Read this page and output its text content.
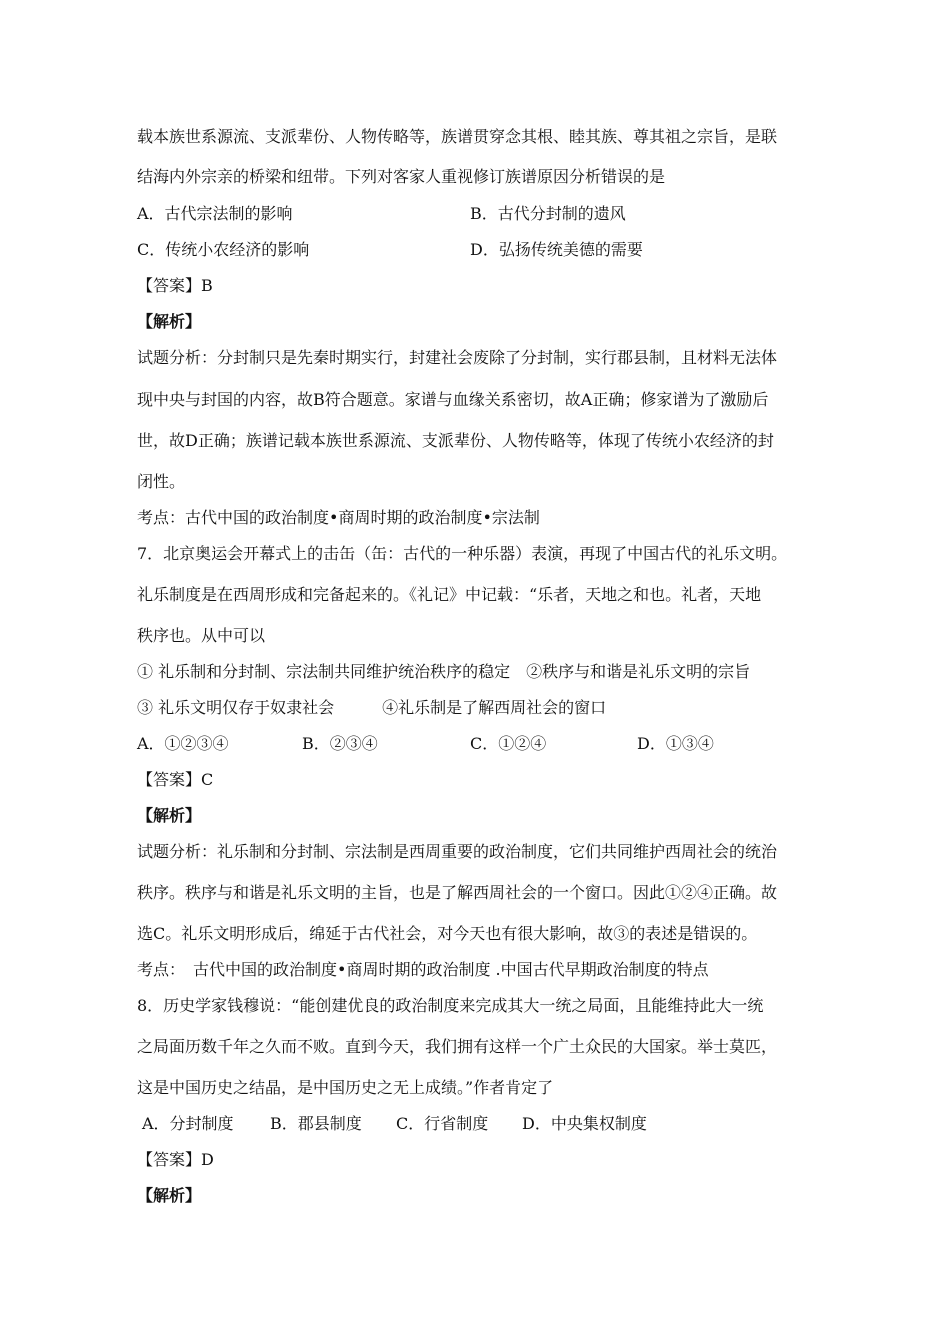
载本族世系源流、支派辈份、人物传略等，族谱贯穿念其根、睦其族、尊其祖之宗旨，是联
结海内外宗亲的桥梁和纽带。下列对客家人重视修订族谱原因分析错误的是
A．古代宗法制的影响	B．古代分封制的遗风
C．传统小农经济的影响	D．弘扬传统美德的需要
【答案】B
【解析】
试题分析：分封制只是先秦时期实行，封建社会废除了分封制，实行郡县制，且材料无法体
现中央与封国的内容，故B符合题意。家谱与血缘关系密切，故A正确；修家谱为了激励后
世，故D正确；族谱记载本族世系源流、支派辈份、人物传略等，体现了传统小农经济的封
闭性。
考点：古代中国的政治制度•商周时期的政治制度•宗法制
7．北京奥运会开幕式上的击缶（缶：古代的一种乐器）表演，再现了中国古代的礼乐文明。
礼乐制度是在西周形成和完备起来的。《礼记》中记载：“乐者，天地之和也。礼者，天地
秩序也。从中可以
① 礼乐制和分封制、宗法制共同维护统治秩序的稳定　②秩序与和谐是礼乐文明的宗旨
③ 礼乐文明仅存于奴隶社会　　　④礼乐制是了解西周社会的窗口
A．①②③④	B．②③④	C．①②④	D．①③④
【答案】C
【解析】
试题分析：礼乐制和分封制、宗法制是西周重要的政治制度，它们共同维护西周社会的统治
秩序。秩序与和谐是礼乐文明的主旨，也是了解西周社会的一个窗口。因此①②④正确。故
选C。礼乐文明形成后，绵延于古代社会，对今天也有很大影响，故③的表述是错误的。
考点：　古代中国的政治制度•商周时期的政治制度 .中国古代早期政治制度的特点
8．历史学家钱穆说：“能创建优良的政治制度来完成其大一统之局面，且能维持此大一统
之局面历数千年之久而不败。直到今天，我们拥有这样一个广土众民的大国家。举士莫匹，
这是中国历史之结晶，是中国历史之无上成绩。”作者肯定了
A．分封制度 B．郡县制度 C．行省制度 D．中央集权制度
【答案】D
【解析】
